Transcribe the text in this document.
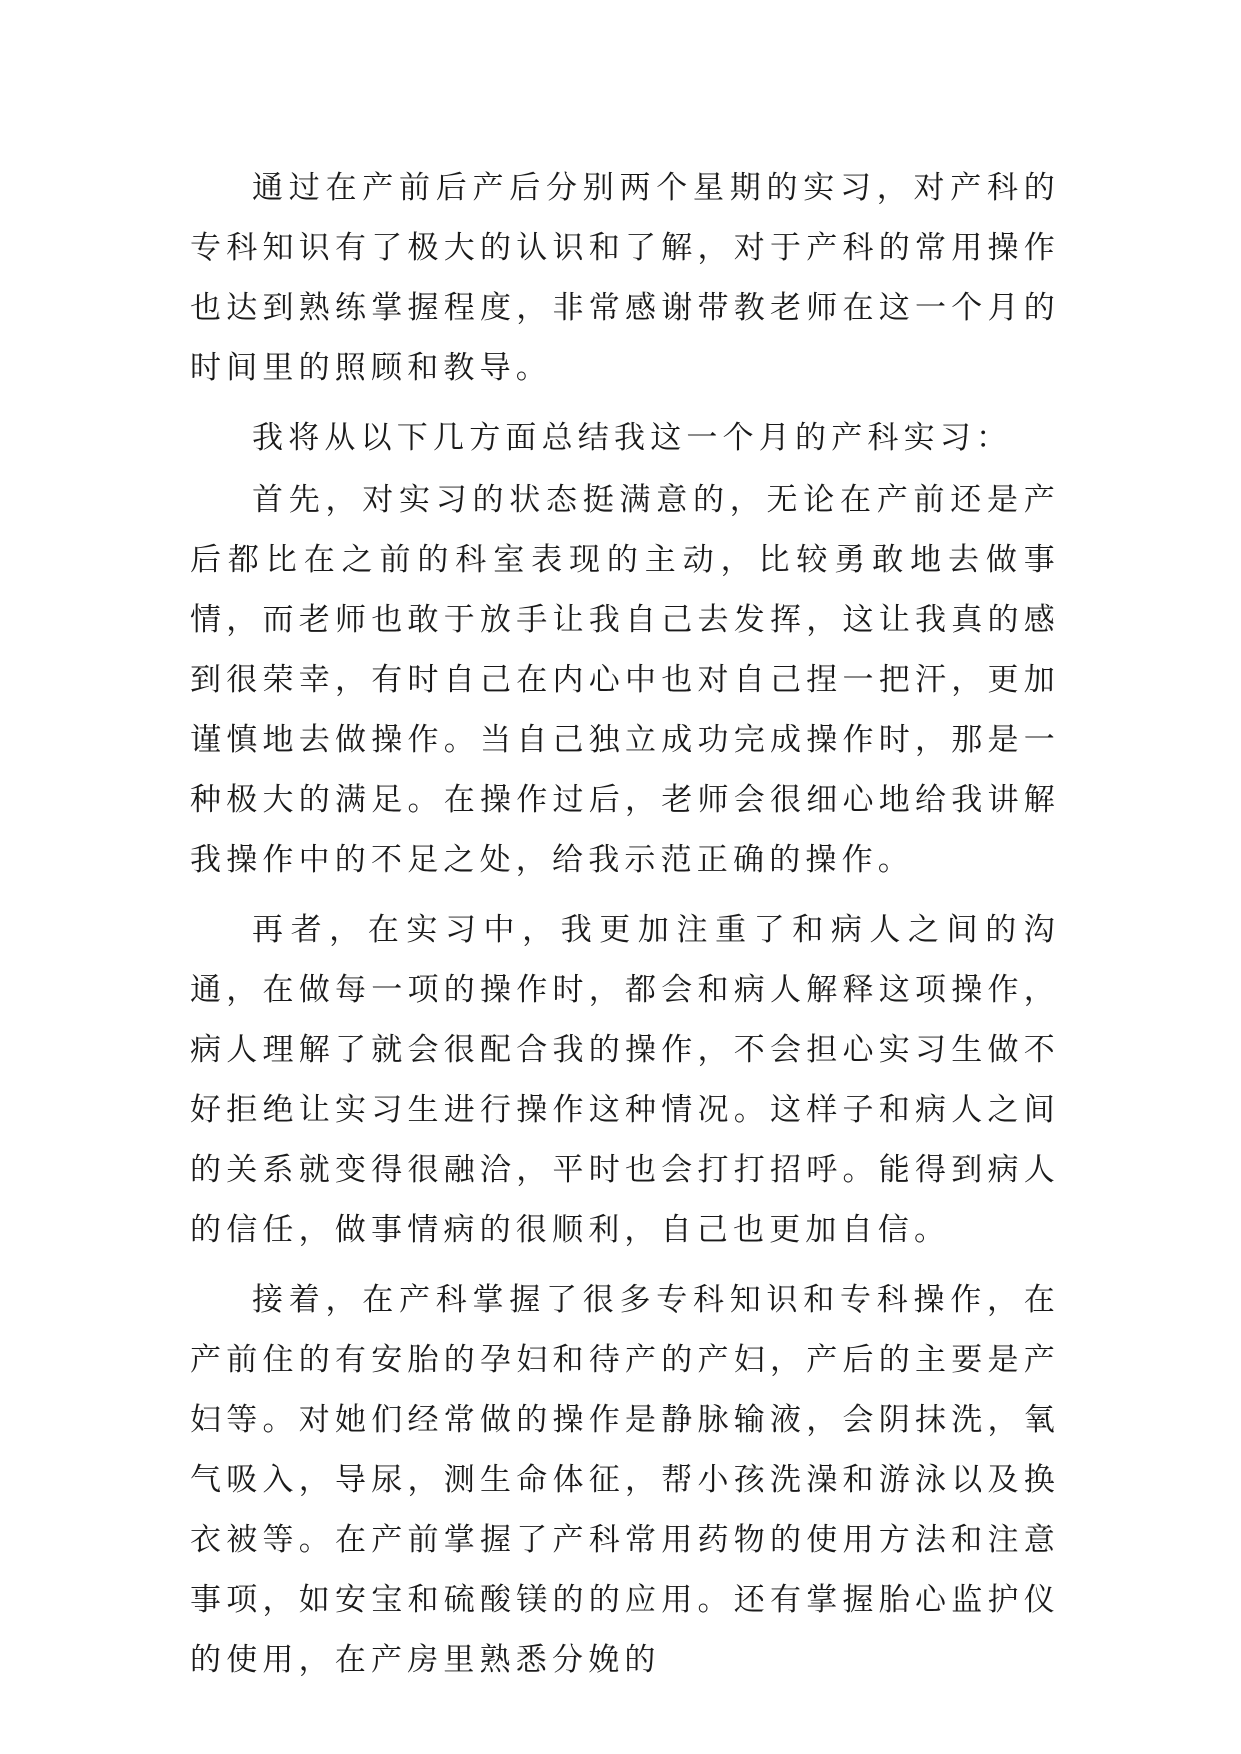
通过在产前后产后分别两个星期的实习，对产科的专科知识有了极大的认识和了解，对于产科的常用操作也达到熟练掌握程度，非常感谢带教老师在这一个月的时间里的照顾和教导。

我将从以下几方面总结我这一个月的产科实习：

首先，对实习的状态挺满意的，无论在产前还是产后都比在之前的科室表现的主动，比较勇敢地去做事情，而老师也敢于放手让我自己去发挥，这让我真的感到很荣幸，有时自己在内心中也对自己捏一把汗，更加谨慎地去做操作。当自己独立成功完成操作时，那是一种极大的满足。在操作过后，老师会很细心地给我讲解我操作中的不足之处，给我示范正确的操作。

再者，在实习中，我更加注重了和病人之间的沟通，在做每一项的操作时，都会和病人解释这项操作，病人理解了就会很配合我的操作，不会担心实习生做不好拒绝让实习生进行操作这种情况。这样子和病人之间的关系就变得很融洽，平时也会打打招呼。能得到病人的信任，做事情病的很顺利，自己也更加自信。

接着，在产科掌握了很多专科知识和专科操作，在产前住的有安胎的孕妇和待产的产妇，产后的主要是产妇等。对她们经常做的操作是静脉输液，会阴抹洗，氧气吸入，导尿，测生命体征，帮小孩洗澡和游泳以及换衣被等。在产前掌握了产科常用药物的使用方法和注意事项，如安宝和硫酸镁的的应用。还有掌握胎心监护仪的使用，在产房里熟悉分娩的
